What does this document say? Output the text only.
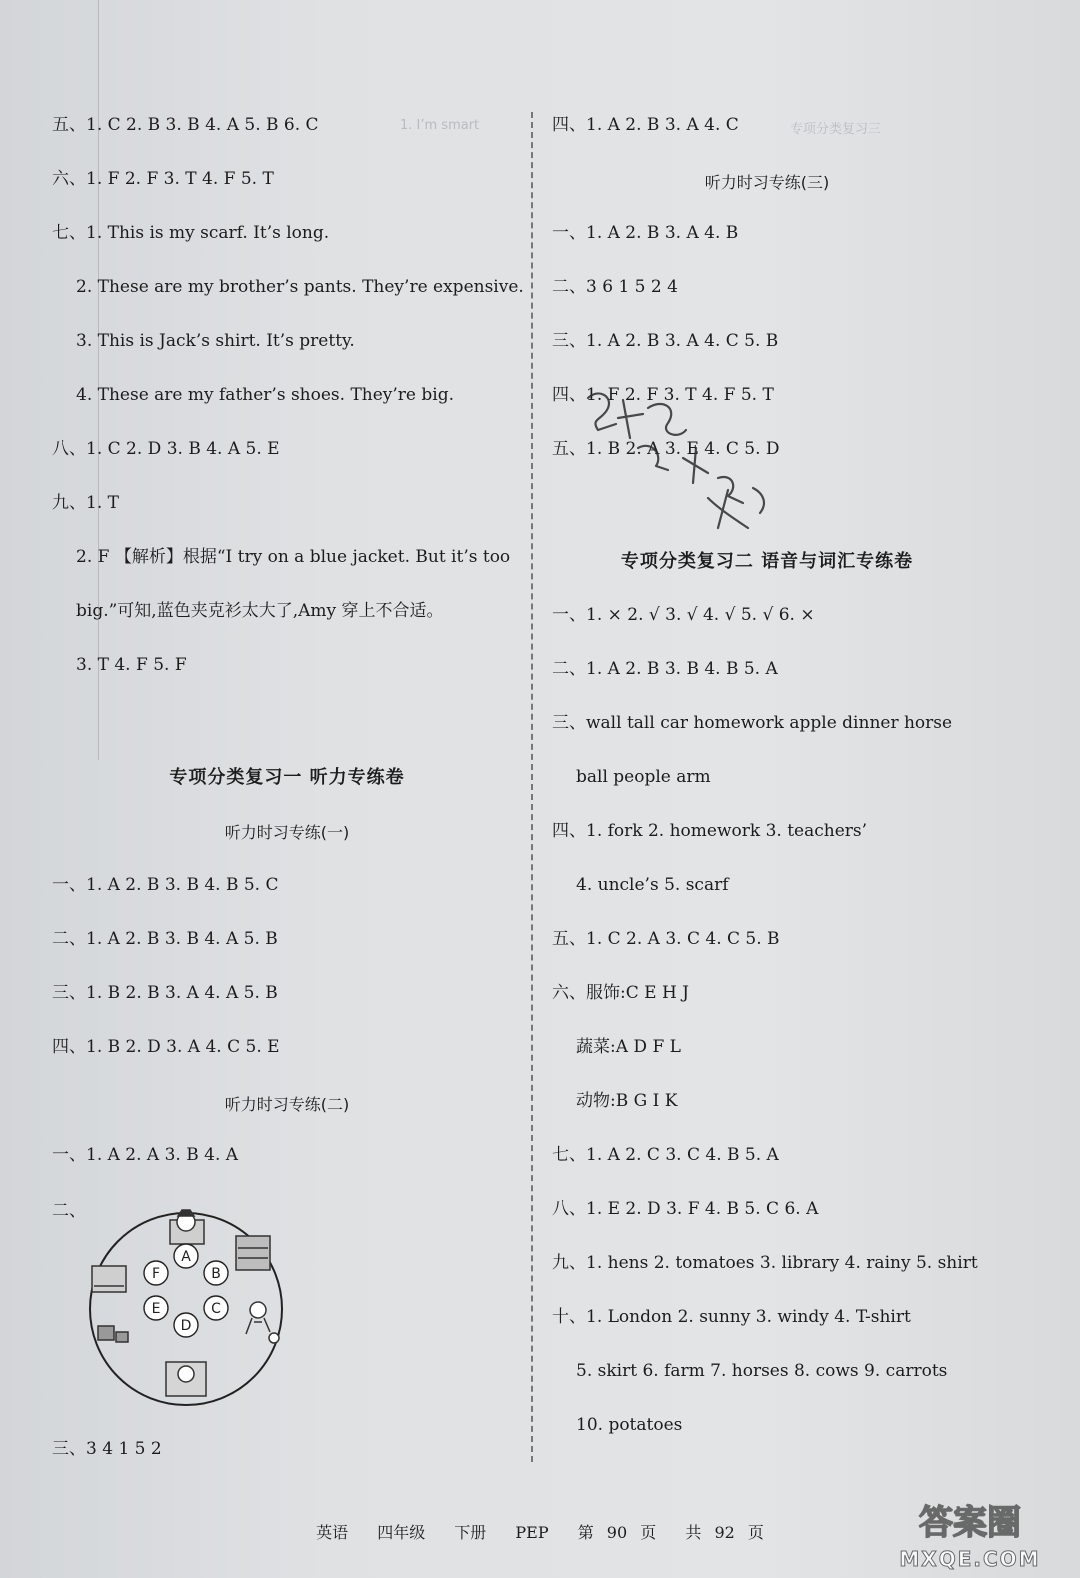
专项分类复习三
1. I’m smart
五、1. C 2. B 3. B 4. A 5. B 6. C
六、1. F 2. F 3. T 4. F 5. T
七、1. This is my scarf. It’s long.
2. These are my brother’s pants. They’re expensive.
3. This is Jack’s shirt. It’s pretty.
4. These are my father’s shoes. They’re big.
八、1. C 2. D 3. B 4. A 5. E
九、1. T
2. F 【解析】根据“I try on a blue jacket. But it’s too
big.”可知,蓝色夹克衫太大了,Amy 穿上不合适。
3. T 4. F 5. F
专项分类复习一 听力专练卷
听力时习专练(一)
一、1. A 2. B 3. B 4. B 5. C
二、1. A 2. B 3. B 4. A 5. B
三、1. B 2. B 3. A 4. A 5. B
四、1. B 2. D 3. A 4. C 5. E
听力时习专练(二)
一、1. A 2. A 3. B 4. A
二、
A
B
C
D
E
F
三、3 4 1 5 2
四、1. A 2. B 3. A 4. C
听力时习专练(三)
一、1. A 2. B 3. A 4. B
二、3 6 1 5 2 4
三、1. A 2. B 3. A 4. C 5. B
四、1. F 2. F 3. T 4. F 5. T
五、1. B 2. A 3. E 4. C 5. D
专项分类复习二 语音与词汇专练卷
一、1. × 2. √ 3. √ 4. √ 5. √ 6. ×
二、1. A 2. B 3. B 4. B 5. A
三、wall tall car homework apple dinner horse
ball people arm
四、1. fork 2. homework 3. teachers’
4. uncle’s 5. scarf
五、1. C 2. A 3. C 4. C 5. B
六、服饰:C E H J
蔬菜:A D F L
动物:B G I K
七、1. A 2. C 3. C 4. B 5. A
八、1. E 2. D 3. F 4. B 5. C 6. A
九、1. hens 2. tomatoes 3. library 4. rainy 5. shirt
十、1. London 2. sunny 3. windy 4. T-shirt
5. skirt 6. farm 7. horses 8. cows 9. carrots
10. potatoes
英语 四年级 下册 PEP 第 90 页 共 92 页	答案圈
MXQE.COM
